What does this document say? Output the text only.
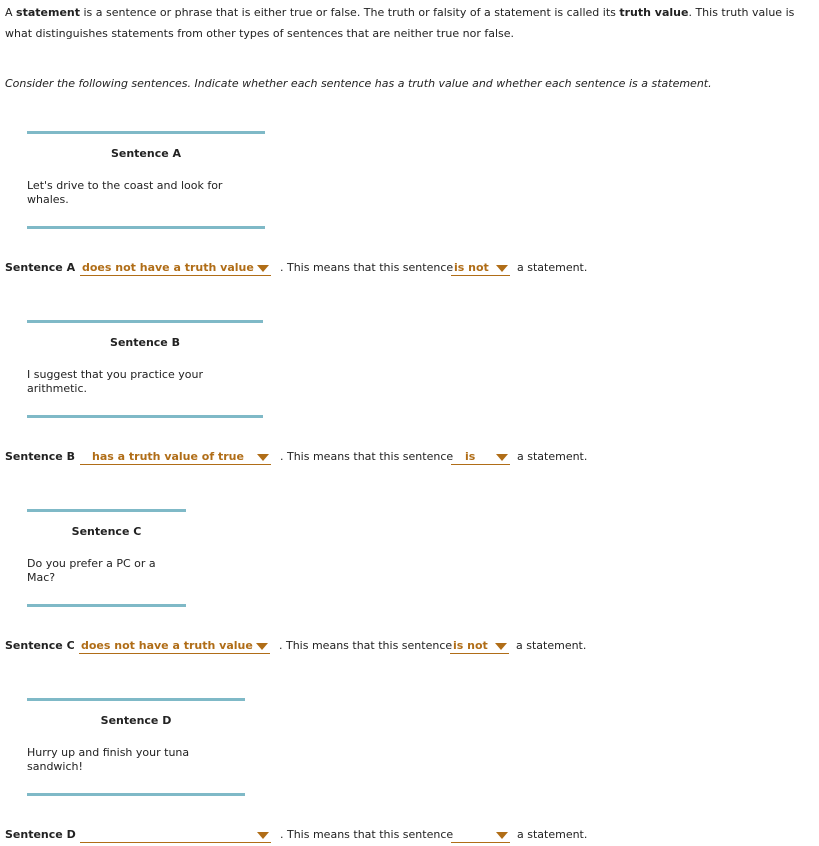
A statement is a sentence or phrase that is either true or false. The truth or falsity of a statement is called its truth value. This truth value is what distinguishes statements from other types of sentences that are neither true nor false.
Consider the following sentences. Indicate whether each sentence has a truth value and whether each sentence is a statement.
Sentence A
Let's drive to the coast and look for whales.
Sentence B
I suggest that you practice your arithmetic.
Sentence C
Do you prefer a PC or a Mac?
Sentence D
Hurry up and finish your tuna sandwich!
Sentence A does not have a truth value . This means that this sentence is not	a statement.
Sentence B has a truth value of true	. This means that this sentence is	a statement.
Sentence C does not have a truth value . This means that this sentence is not	a statement.
Sentence D	. This means that this sentence	a statement.
